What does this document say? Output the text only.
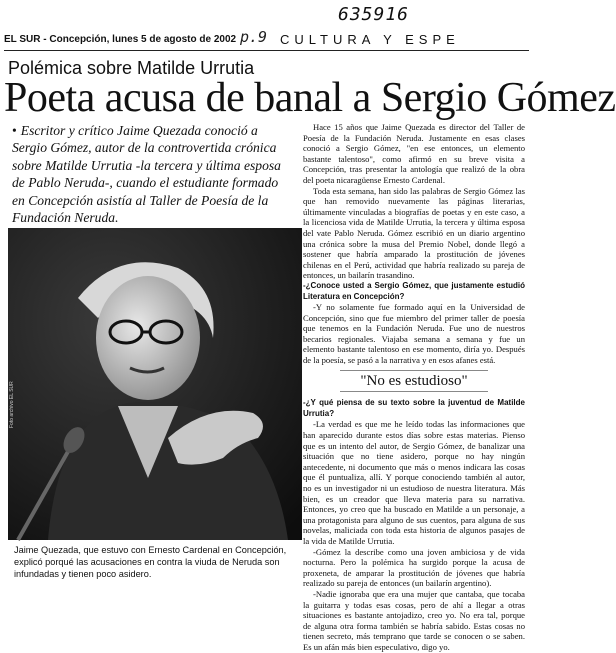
635916
p.9
EL SUR - Concepción, lunes 5 de agosto de 2002	CULTURA Y ESPE
Polémica sobre Matilde Urrutia
Poeta acusa de banal a Sergio Gómez
• Escritor y crítico Jaime Quezada conoció a Sergio Gómez, autor de la controvertida crónica sobre Matilde Urrutia -la tercera y última esposa de Pablo Neruda-, cuando el estudiante formado en Concepción asistía al Taller de Poesía de la Fundación Neruda.
Foto archivo EL SUR
Jaime Quezada, que estuvo con Ernesto Cardenal en Concepción, explicó porqué las acusaciones en contra la viuda de Neruda son infundadas y tienen poco asidero.

Hace 15 años que Jaime Quezada es director del Taller de Poesía de la Fundación Neruda. Justamente en esas clases conoció a Sergio Gómez, "en ese entonces, un elemento bastante talentoso", como afirmó en su breve visita a Concepción, tras presentar la antología que realizó de la obra del poeta nicaragüense Ernesto Cardenal.

Toda esta semana, han sido las palabras de Sergio Gómez las que han removido nuevamente las páginas literarias, últimamente vinculadas a biografías de poetas y en este caso, a la licenciosa vida de Matilde Urrutia, la tercera y última esposa del vate Pablo Neruda. Gómez escribió en un diario argentino una crónica sobre la musa del Premio Nobel, donde llegó a sostener que habría amparado la prostitución de jóvenes chilenas en el Perú, actividad que habría realizado su pareja de entonces, un bailarín trasandino.

-¿Conoce usted a Sergio Gómez, que justamente estudió Literatura en Concepción?

-Y no solamente fue formado aquí en la Universidad de Concepción, sino que fue miembro del primer taller de poesía que tenemos en la Fundación Neruda. Fue uno de nuestros becarios regionales. Viajaba semana a semana y fue un elemento bastante talentoso en ese momento, diría yo. Después de la poesía, se pasó a la narrativa y en esos afanes está.

"No es estudioso"

-¿Y qué piensa de su texto sobre la juventud de Matilde Urrutia?

-La verdad es que me he leído todas las informaciones que han aparecido durante estos días sobre estas materias. Pienso que es un intento del autor, de Sergio Gómez, de banalizar una situación que no tiene asidero, porque no hay ningún antecedente, ni documento que más o menos indicara las cosas que él puntualiza, allí. Y porque conociendo también al autor, no es un investigador ni un estudioso de nuestra literatura. Más bien, es un creador que lleva materia para su narrativa. Entonces, yo creo que ha buscado en Matilde a un personaje, a una protagonista para alguno de sus cuentos, para alguna de sus novelas, maliciada con toda esta historia de algunos pasajes de la vida de Matilde Urrutia.

-Gómez la describe como una joven ambiciosa y de vida nocturna. Pero la polémica ha surgido porque la acusa de proxeneta, de amparar la prostitución de jóvenes que habría realizado su pareja de entonces (un bailarín argentino).

-Nadie ignoraba que era una mujer que cantaba, que tocaba la guitarra y todas esas cosas, pero de ahí a llegar a otras situaciones es bastante antojadizo, creo yo. No era tal, porque de alguna otra forma también se habría sabido. Estas cosas no tienen secreto, más temprano que tarde se conocen o se saben. Es un afán más bien especulativo, digo yo.
